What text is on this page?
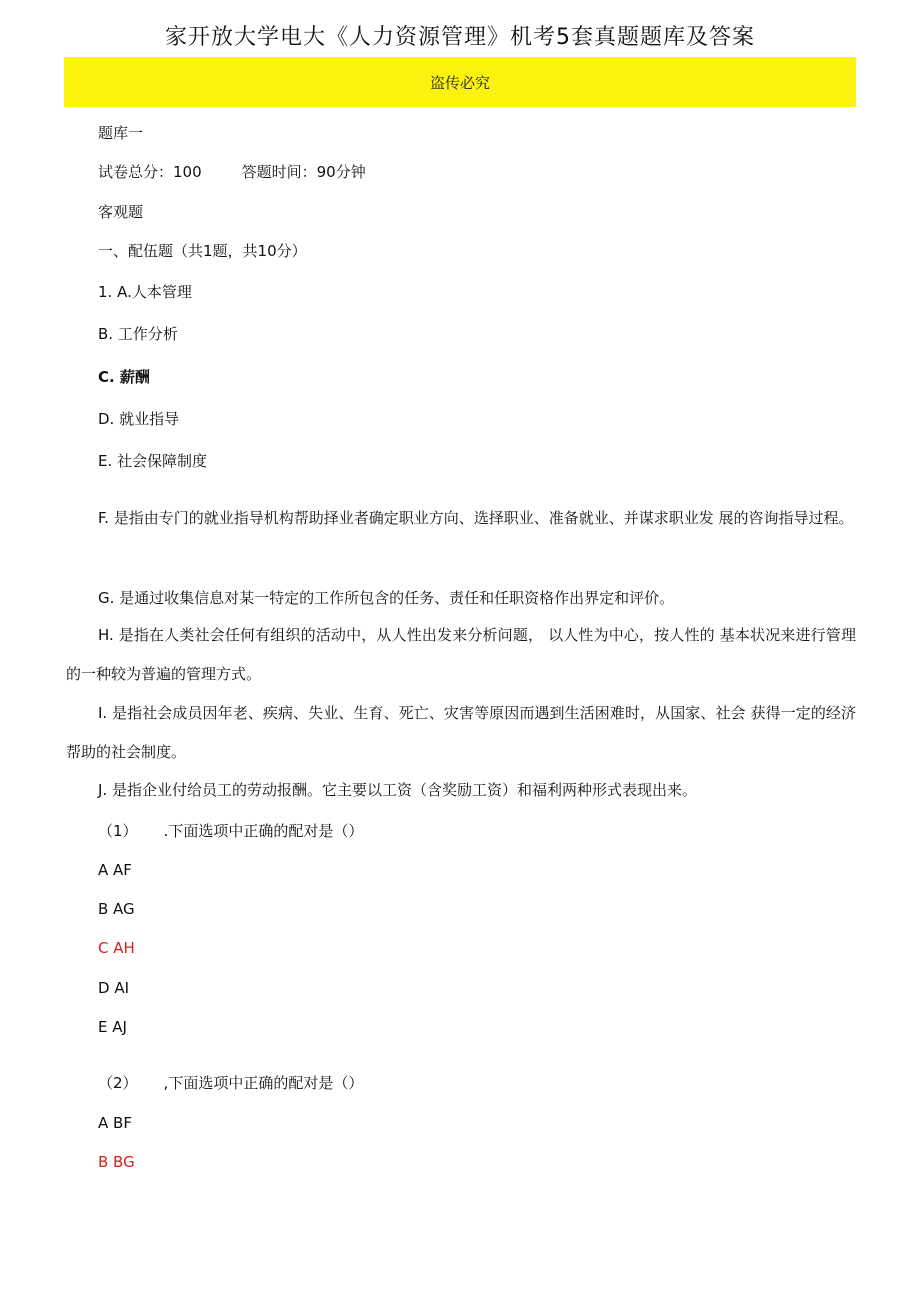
家开放大学电大《人力资源管理》机考5套真题题库及答案
盗传必究
题库一
试卷总分：100	答题时间：90分钟
客观题
一、配伍题（共1题，共10分）
1. A.人本管理
B. 工作分析
C. 薪酬
D. 就业指导
E. 社会保障制度
F. 是指由专门的就业指导机构帮助择业者确定职业方向、选择职业、准备就业、并谋求职业发 展的咨询指导过程。
G. 是通过收集信息对某一特定的工作所包含的任务、责任和任职资格作出界定和评价。
H. 是指在人类社会任何有组织的活动中，从人性出发来分析问题， 以人性为中心，按人性的 基本状况来进行管理的一种较为普遍的管理方式。
I. 是指社会成员因年老、疾病、失业、生育、死亡、灾害等原因而遇到生活困难时，从国家、社会 获得一定的经济帮助的社会制度。
J. 是指企业付给员工的劳动报酬。它主要以工资（含奖励工资）和福利两种形式表现出来。
（1） .下面选项中正确的配对是（）
A AF
B AG
C AH
D AI
E AJ
（2） ,下面选项中正确的配对是（）
A BF
B BG
